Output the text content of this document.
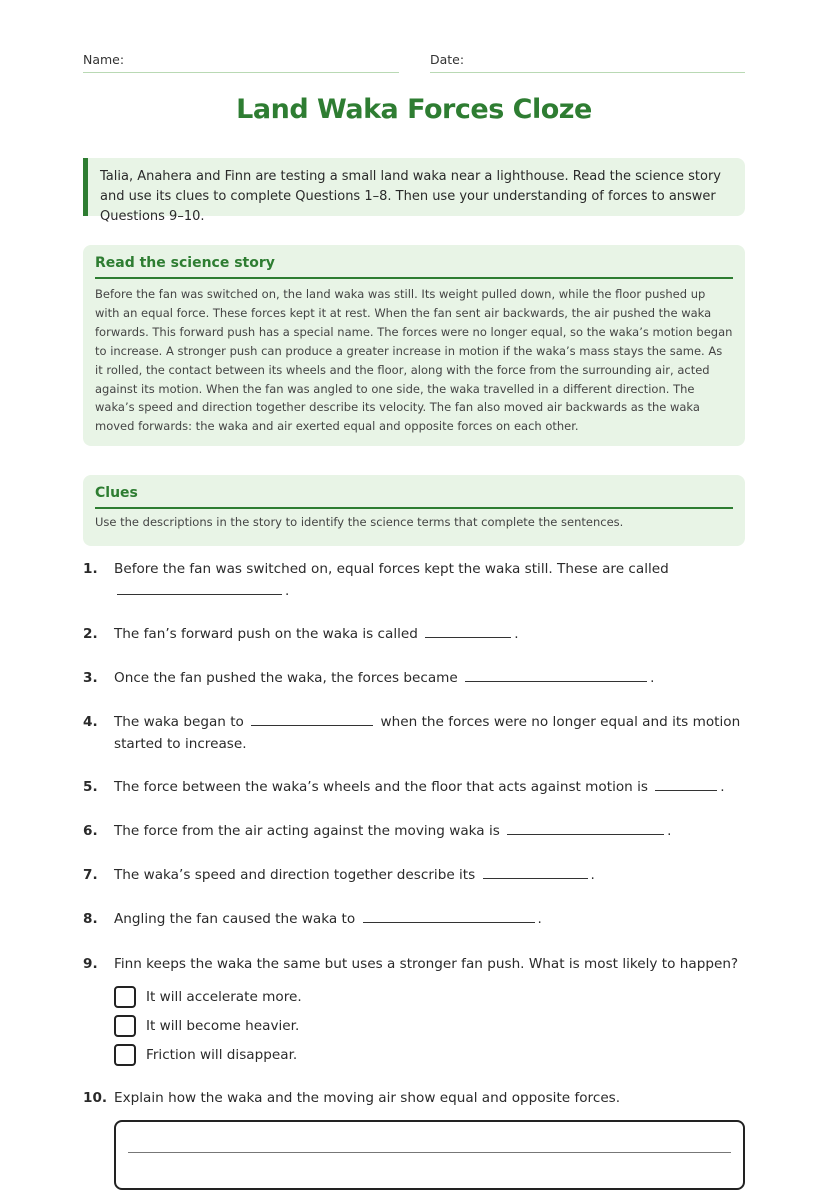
Name:	Date:
Land Waka Forces Cloze
Talia, Anahera and Finn are testing a small land waka near a lighthouse. Read the science story and use its clues to complete Questions 1–8. Then use your understanding of forces to answer Questions 9–10.
Read the science story
Before the fan was switched on, the land waka was still. Its weight pulled down, while the floor pushed up with an equal force. These forces kept it at rest. When the fan sent air backwards, the air pushed the waka forwards. This forward push has a special name. The forces were no longer equal, so the waka’s motion began to increase. A stronger push can produce a greater increase in motion if the waka’s mass stays the same. As it rolled, the contact between its wheels and the floor, along with the force from the surrounding air, acted against its motion. When the fan was angled to one side, the waka travelled in a different direction. The waka’s speed and direction together describe its velocity. The fan also moved air backwards as the waka moved forwards: the waka and air exerted equal and opposite forces on each other.
Clues
Use the descriptions in the story to identify the science terms that complete the sentences.
1. Before the fan was switched on, equal forces kept the waka still. These are called
.
2. The fan’s forward push on the waka is called	.
3. Once the fan pushed the waka, the forces became	.
4. The waka began to	when the forces were no longer equal and its motion started to increase.
5. The force between the waka’s wheels and the floor that acts against motion is	.
6. The force from the air acting against the moving waka is	.
7. The waka’s speed and direction together describe its	.
8. Angling the fan caused the waka to	.
9. Finn keeps the waka the same but uses a stronger fan push. What is most likely to happen?
It will accelerate more.
It will become heavier.
Friction will disappear.
10. Explain how the waka and the moving air show equal and opposite forces.
